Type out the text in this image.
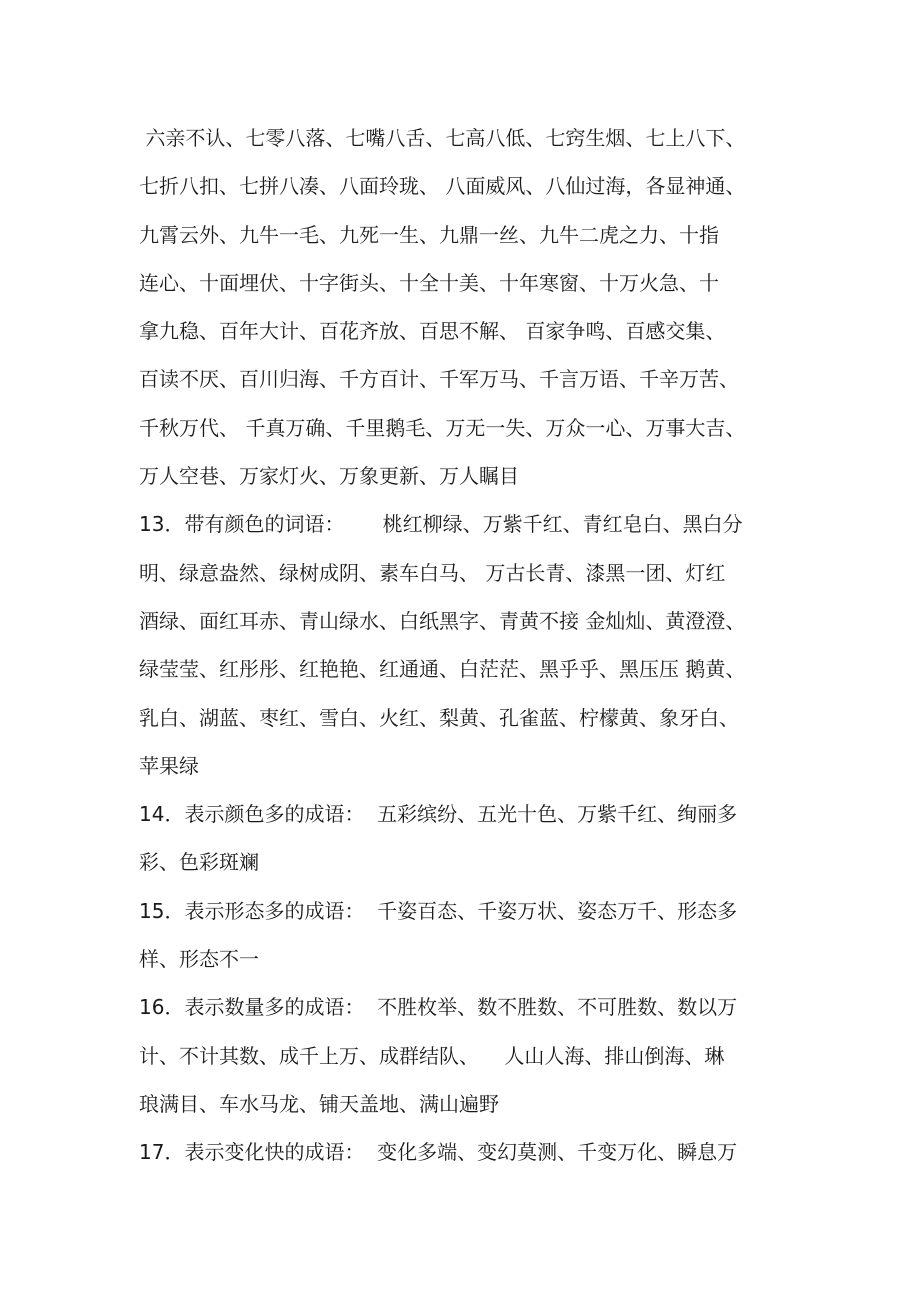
六亲不认、七零八落、七嘴八舌、七高八低、七窍生烟、七上八下、
七折八扣、七拼八凑、八面玲珑、 八面威风、八仙过海，各显神通、
九霄云外、九牛一毛、九死一生、九鼎一丝、九牛二虎之力、十指
连心、十面埋伏、十字街头、十全十美、十年寒窗、十万火急、十
拿九稳、百年大计、百花齐放、百思不解、 百家争鸣、百感交集、
百读不厌、百川归海、千方百计、千军万马、千言万语、千辛万苦、
千秋万代、 千真万确、千里鹅毛、万无一失、万众一心、万事大吉、
万人空巷、万家灯火、万象更新、万人瞩目
13．带有颜色的词语：      桃红柳绿、万紫千红、青红皂白、黑白分
明、绿意盎然、绿树成阴、素车白马、 万古长青、漆黑一团、灯红
酒绿、面红耳赤、青山绿水、白纸黑字、青黄不接 金灿灿、黄澄澄、
绿莹莹、红彤彤、红艳艳、红通通、白茫茫、黑乎乎、黑压压 鹅黄、
乳白、湖蓝、枣红、雪白、火红、梨黄、孔雀蓝、柠檬黄、象牙白、
苹果绿
14．表示颜色多的成语：  五彩缤纷、五光十色、万紫千红、绚丽多
彩、色彩斑斓
15．表示形态多的成语：  千姿百态、千姿万状、姿态万千、形态多
样、形态不一
16．表示数量多的成语：  不胜枚举、数不胜数、不可胜数、数以万
计、不计其数、成千上万、成群结队、    人山人海、排山倒海、琳
琅满目、车水马龙、铺天盖地、满山遍野
17．表示变化快的成语：  变化多端、变幻莫测、千变万化、瞬息万
